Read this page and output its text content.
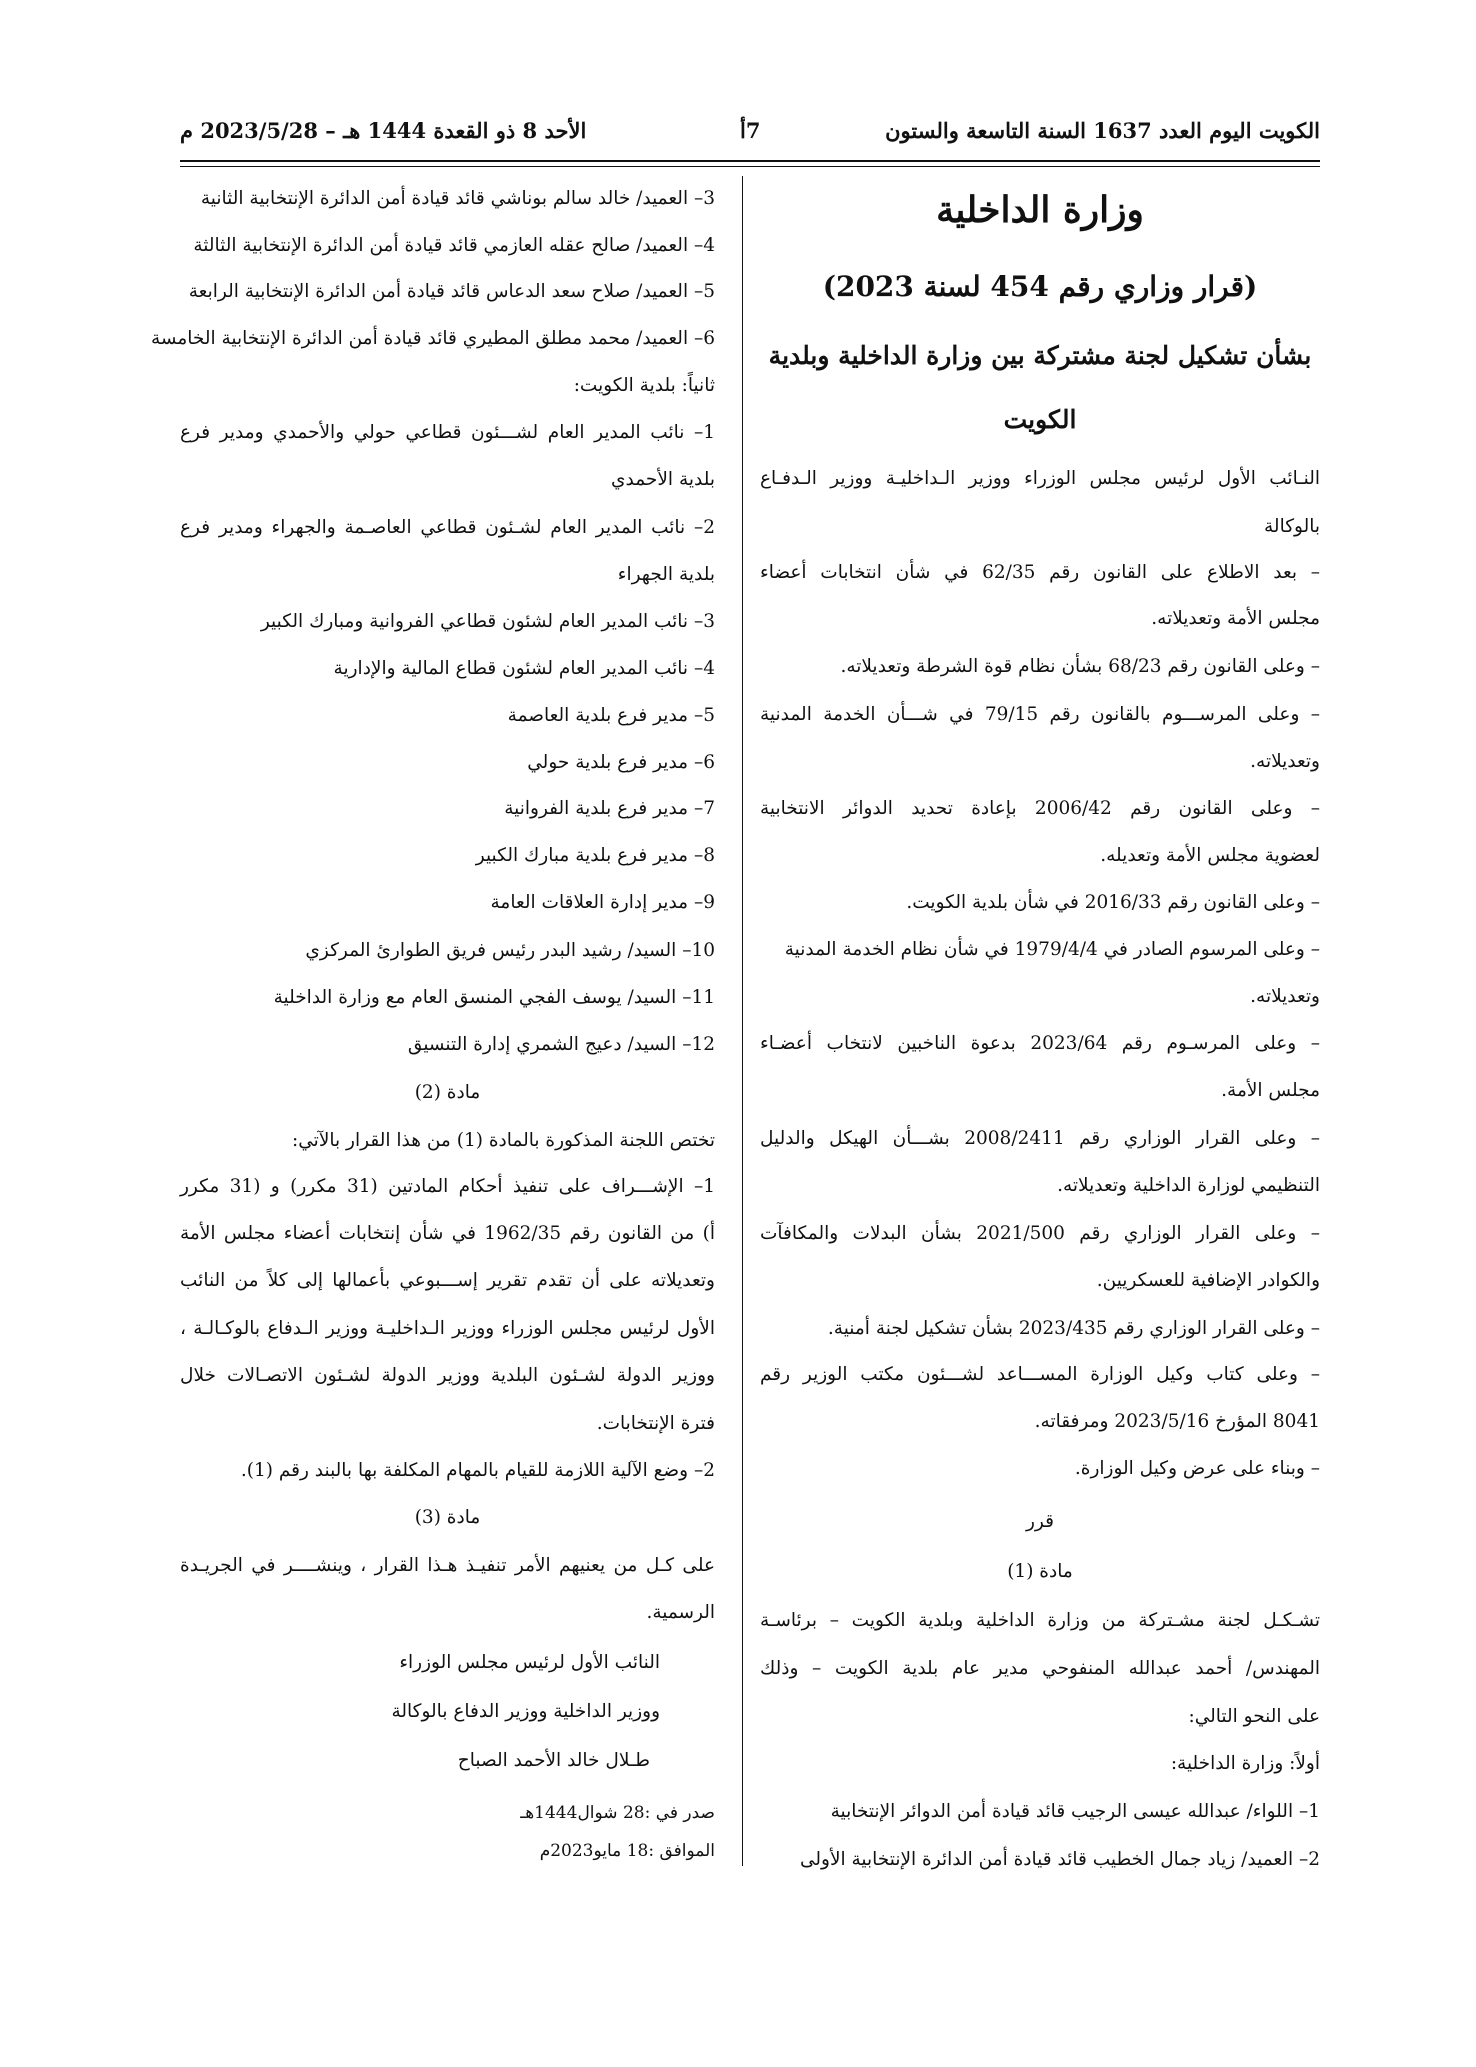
الكويت اليوم العدد 1637 السنة التاسعة والستون
7أ
الأحد 8 ذو القعدة 1444 هـ – 2023/5/28 م
وزارة الداخلية
(قرار وزاري رقم 454 لسنة 2023)
بشأن تشكيل لجنة مشتركة بين وزارة الداخلية وبلدية
الكويت
النـائب الأول لرئيس مجلس الوزراء ووزير الـداخليـة ووزير الـدفـاع
بالوكالة
– بعد الاطلاع على القانون رقم 62/35 في شأن انتخابات أعضاء
مجلس الأمة وتعديلاته.
– وعلى القانون رقم 68/23 بشأن نظام قوة الشرطة وتعديلاته.
– وعلى المرســـوم بالقانون رقم 79/15 في شـــأن الخدمة المدنية
وتعديلاته.
– وعلى القانون رقم 2006/42 بإعادة تحديد الدوائر الانتخابية
لعضوية مجلس الأمة وتعديله.
– وعلى القانون رقم 2016/33 في شأن بلدية الكويت.
– وعلى المرسوم الصادر في 1979/4/4 في شأن نظام الخدمة المدنية
وتعديلاته.
– وعلى المرسـوم رقم 2023/64 بدعوة الناخبين لانتخاب أعضـاء
مجلس الأمة.
– وعلى القرار الوزاري رقم 2008/2411 بشـــأن الهيكل والدليل
التنظيمي لوزارة الداخلية وتعديلاته.
– وعلى القرار الوزاري رقم 2021/500 بشأن البدلات والمكافآت
والكوادر الإضافية للعسكريين.
– وعلى القرار الوزاري رقم 2023/435 بشأن تشكيل لجنة أمنية.
– وعلى كتاب وكيل الوزارة المســـاعد لشـــئون مكتب الوزير رقم
8041 المؤرخ 2023/5/16 ومرفقاته.
– وبناء على عرض وكيل الوزارة.
قرر
مادة (1)
تشـكـل لجنة مشـتركة من وزارة الداخلية وبلدية الكويت – برئاسـة
المهندس/ أحمد عبدالله المنفوحي مدير عام بلدية الكويت – وذلك
على النحو التالي:
أولاً: وزارة الداخلية:
1– اللواء/ عبدالله عيسى الرجيب قائد قيادة أمن الدوائر الإنتخابية
2– العميد/ زياد جمال الخطيب قائد قيادة أمن الدائرة الإنتخابية الأولى
3– العميد/ خالد سالم بوناشي قائد قيادة أمن الدائرة الإنتخابية الثانية
4– العميد/ صالح عقله العازمي قائد قيادة أمن الدائرة الإنتخابية الثالثة
5– العميد/ صلاح سعد الدعاس قائد قيادة أمن الدائرة الإنتخابية الرابعة
6– العميد/ محمد مطلق المطيري قائد قيادة أمن الدائرة الإنتخابية الخامسة
ثانياً: بلدية الكويت:
1– نائب المدير العام لشـــئون قطاعي حولي والأحمدي ومدير فرع
بلدية الأحمدي
2– نائب المدير العام لشـئون قطاعي العاصـمة والجهراء ومدير فرع
بلدية الجهراء
3– نائب المدير العام لشئون قطاعي الفروانية ومبارك الكبير
4– نائب المدير العام لشئون قطاع المالية والإدارية
5– مدير فرع بلدية العاصمة
6– مدير فرع بلدية حولي
7– مدير فرع بلدية الفروانية
8– مدير فرع بلدية مبارك الكبير
9– مدير إدارة العلاقات العامة
10– السيد/ رشيد البدر رئيس فريق الطوارئ المركزي
11– السيد/ يوسف الفجي المنسق العام مع وزارة الداخلية
12– السيد/ دعيج الشمري إدارة التنسيق
مادة (2)
تختص اللجنة المذكورة بالمادة (1) من هذا القرار بالآتي:
1– الإشـــراف على تنفيذ أحكام المادتين (31 مكرر) و (31 مكرر
أ) من القانون رقم 1962/35 في شأن إنتخابات أعضاء مجلس الأمة
وتعديلاته على أن تقدم تقرير إســـبوعي بأعمالها إلى كلاً من النائب
الأول لرئيس مجلس الوزراء ووزير الـداخليـة ووزير الـدفاع بالوكـالـة ،
ووزير الدولة لشـئون البلدية ووزير الدولة لشـئون الاتصـالات خلال
فترة الإنتخابات.
2– وضع الآلية اللازمة للقيام بالمهام المكلفة بها بالبند رقم (1).
مادة (3)
على كـل من يعنيهم الأمر تنفيـذ هـذا القرار ، وينشــــر في الجريـدة
الرسمية.
النائب الأول لرئيس مجلس الوزراء
ووزير الداخلية ووزير الدفاع بالوكالة
طـلال خالد الأحمد الصباح
صدر في :28 شوال1444هـ
الموافق :18 مايو2023م
